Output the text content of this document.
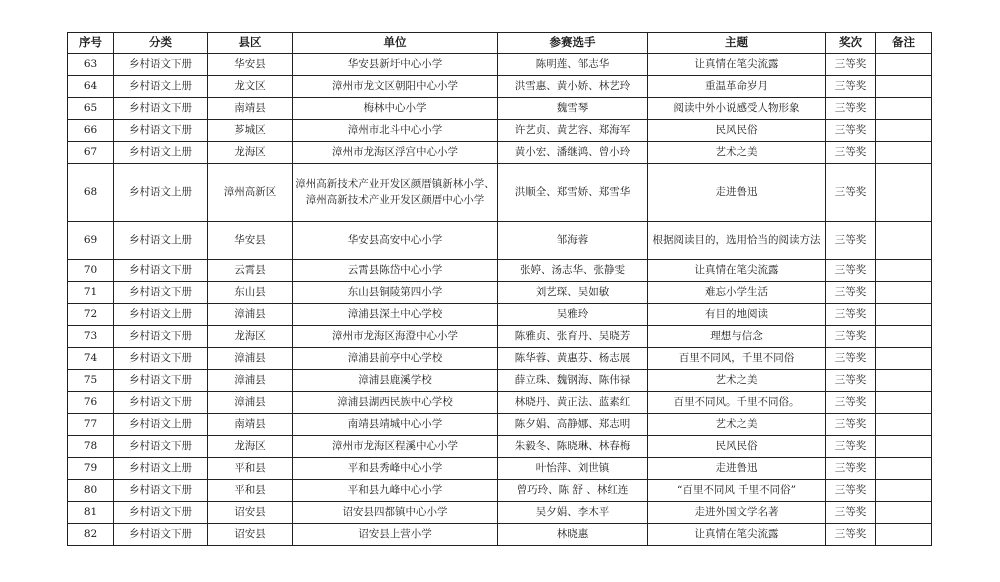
序号	分类	县区	单位	参赛选手	主题	奖次	备注
63	乡村语文下册	华安县	华安县新圩中心小学	陈明莲、邹志华	让真情在笔尖流露	三等奖	
64	乡村语文上册	龙文区	漳州市龙文区朝阳中心小学	洪雪惠、黄小娇、林艺玲	重温革命岁月	三等奖	
65	乡村语文下册	南靖县	梅林中心小学	魏雪琴	阅读中外小说感受人物形象	三等奖	
66	乡村语文下册	芗城区	漳州市北斗中心小学	许艺贞、黄艺容、郑海军	民风民俗	三等奖	
67	乡村语文上册	龙海区	漳州市龙海区浮宫中心小学	黄小宏、潘继鸿、曾小玲	艺术之美	三等奖	
68	乡村语文上册	漳州高新区	漳州高新技术产业开发区颜厝镇新林小学、漳州高新技术产业开发区颜厝中心小学	洪顺全、郑雪娇、郑雪华	走进鲁迅	三等奖	
69	乡村语文上册	华安县	华安县高安中心小学	邹海蓉	根据阅读目的，选用恰当的阅读方法	三等奖	
70	乡村语文下册	云霄县	云霄县陈岱中心小学	张婷、汤志华、张静雯	让真情在笔尖流露	三等奖	
71	乡村语文下册	东山县	东山县铜陵第四小学	刘艺琛、吴如敏	难忘小学生活	三等奖	
72	乡村语文上册	漳浦县	漳浦县深土中心学校	吴雅玲	有目的地阅读	三等奖	
73	乡村语文下册	龙海区	漳州市龙海区海澄中心小学	陈雅贞、张育丹、吴晓芳	理想与信念	三等奖	
74	乡村语文下册	漳浦县	漳浦县前亭中心学校	陈华蓉、黄惠芬、杨志展	百里不同风，千里不同俗	三等奖	
75	乡村语文下册	漳浦县	漳浦县鹿溪学校	薛立珠、魏钢海、陈伟禄	艺术之美	三等奖	
76	乡村语文下册	漳浦县	漳浦县湖西民族中心学校	林晓丹、黄正法、蓝素红	百里不同风。千里不同俗。	三等奖	
77	乡村语文上册	南靖县	南靖县靖城中心小学	陈夕娟、高静娜、郑志明	艺术之美	三等奖	
78	乡村语文下册	龙海区	漳州市龙海区程溪中心小学	朱毅冬、陈晓琳、林春梅	民风民俗	三等奖	
79	乡村语文上册	平和县	平和县秀峰中心小学	叶怡萍、刘世镇	走进鲁迅	三等奖	
80	乡村语文下册	平和县	平和县九峰中心小学	曾巧玲、陈 舒 、林红连	“百里不同风 千里不同俗”	三等奖	
81	乡村语文下册	诏安县	诏安县四都镇中心小学	吴夕娟、李木平	走进外国文学名著	三等奖	
82	乡村语文下册	诏安县	诏安县上营小学	林晓惠	让真情在笔尖流露	三等奖	
